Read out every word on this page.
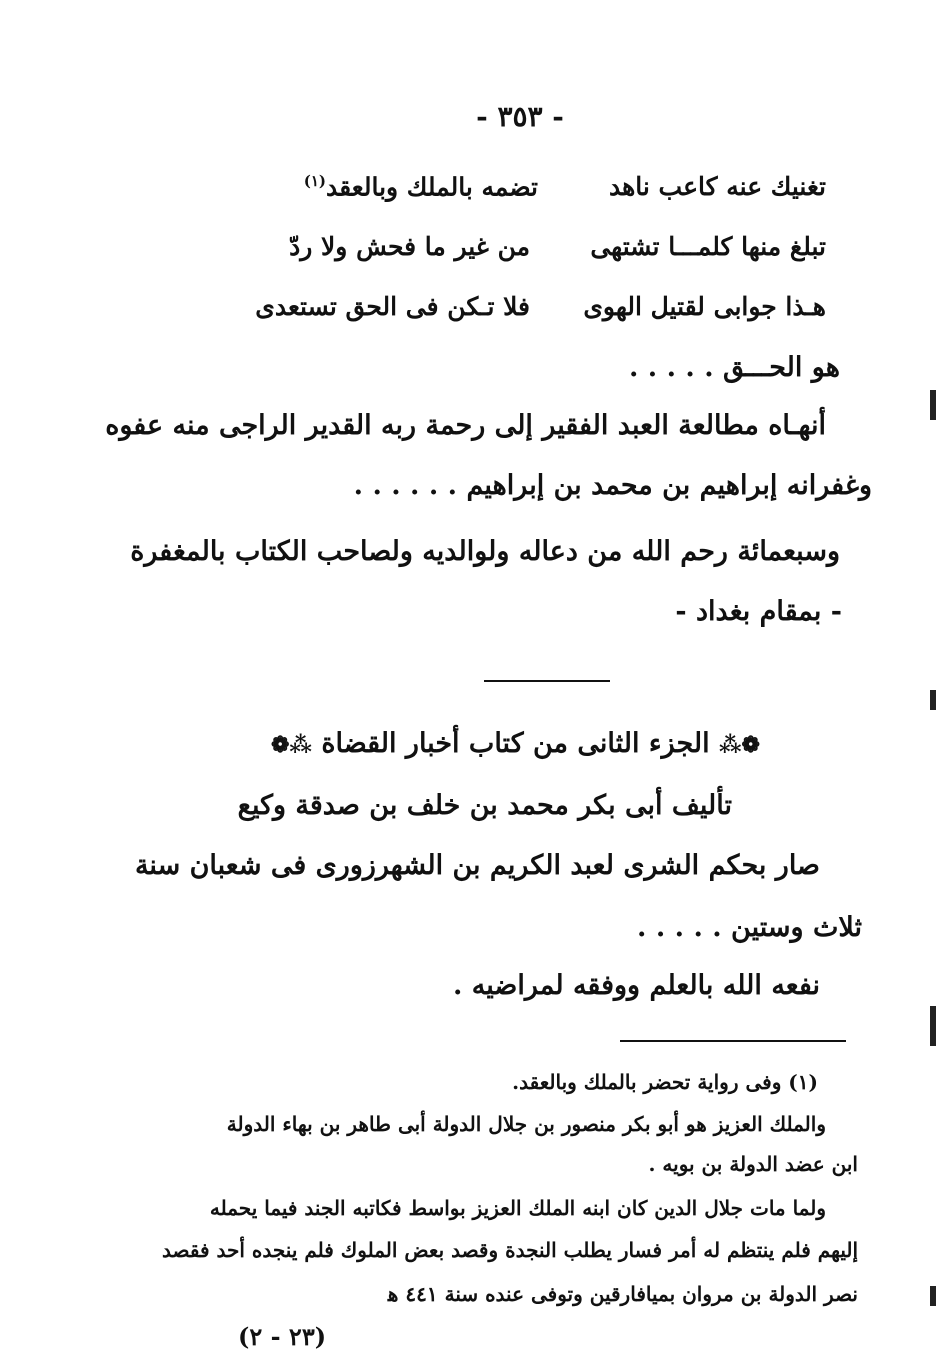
- ٣٥٣ -
تغنيك عنه كاعب ناهد
تضمه بالملك وبالعقد$^{(١)}$
تبلغ منها كلمـــا تشتهى
من غير ما فحش ولا ردّ
هـذا جوابى لقتيل الهوى
فلا تـكن فى الحق تستعدى
هو الحـــق . . . . .
أنهـاه مطالعة العبد الفقير إلى رحمة ربه القدير الراجى منه عفوه
وغفرانه إبراهيم بن محمد بن إبراهيم . . . . . .
وسبعمائة رحم الله من دعاله ولوالديه ولصاحب الكتاب بالمغفرة
- بمقام بغداد -
❁⁂ الجزء الثانى من كتاب أخبار القضاة ⁂❁
تأليف أبى بكر محمد بن خلف بن صدقة وكيع
صار بحكم الشرى لعبد الكريم بن الشهرزورى فى شعبان سنة
ثلاث وستين . . . . .
نفعه الله بالعلم ووفقه لمراضيه .
(١) وفى رواية تحضر بالملك وبالعقد.
والملك العزيز هو أبو بكر منصور بن جلال الدولة أبى طاهر بن بهاء الدولة
ابن عضد الدولة بن بويه .
ولما مات جلال الدين كان ابنه الملك العزيز بواسط فكاتبه الجند فيما يحمله
إليهم فلم ينتظم له أمر فسار يطلب النجدة وقصد بعض الملوك فلم ينجده أحد فقصد
نصر الدولة بن مروان بميافارقين وتوفى عنده سنة ٤٤١ ﻫ
(٢٣ - ٢)
